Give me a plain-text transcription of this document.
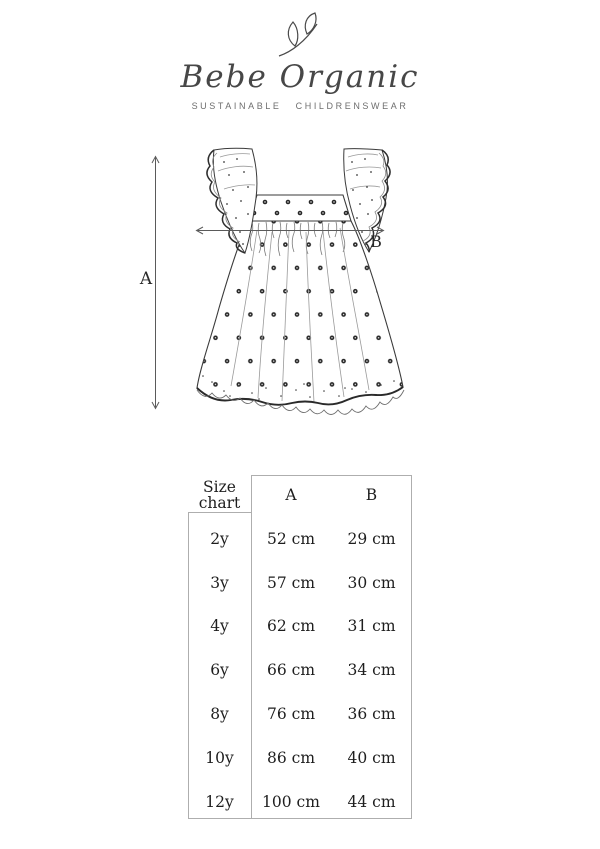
Bebe Organic
SUSTAINABLE CHILDRENSWEAR
A
B
Size chart	A	B
2y	52 cm	29 cm
3y	57 cm	30 cm
4y	62 cm	31 cm
6y	66 cm	34 cm
8y	76 cm	36 cm
10y	86 cm	40 cm
12y	100 cm	44 cm
